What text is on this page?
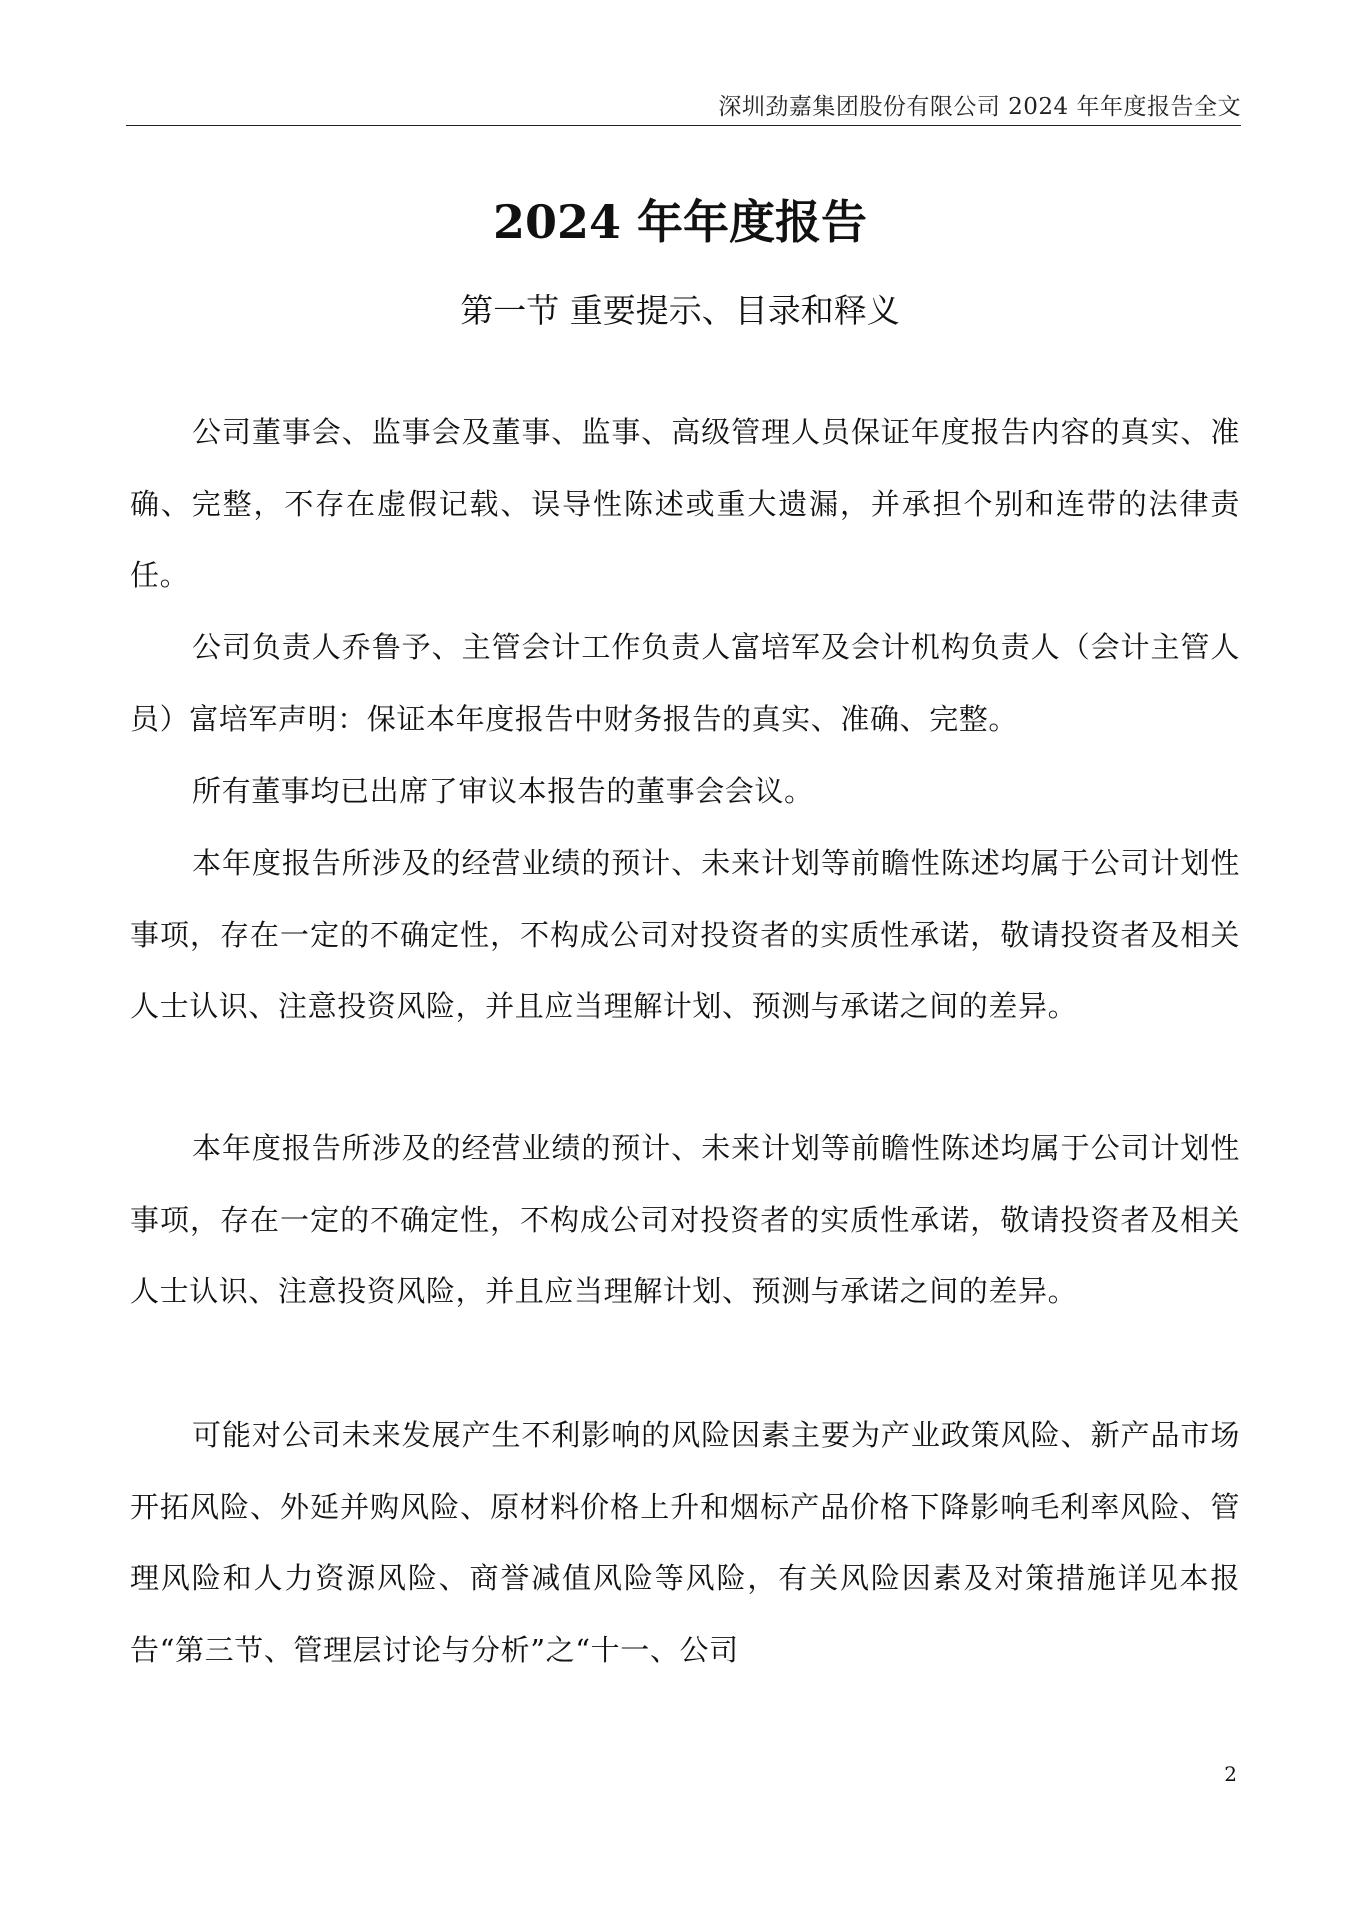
深圳劲嘉集团股份有限公司 2024 年年度报告全文
2024 年年度报告
第一节 重要提示、目录和释义

公司董事会、监事会及董事、监事、高级管理人员保证年度报告内容的真实、准确、完整，不存在虚假记载、误导性陈述或重大遗漏，并承担个别和连带的法律责任。

公司负责人乔鲁予、主管会计工作负责人富培军及会计机构负责人（会计主管人员）富培军声明：保证本年度报告中财务报告的真实、准确、完整。

所有董事均已出席了审议本报告的董事会会议。

本年度报告所涉及的经营业绩的预计、未来计划等前瞻性陈述均属于公司计划性事项，存在一定的不确定性，不构成公司对投资者的实质性承诺，敬请投资者及相关人士认识、注意投资风险，并且应当理解计划、预测与承诺之间的差异。

本年度报告所涉及的经营业绩的预计、未来计划等前瞻性陈述均属于公司计划性事项，存在一定的不确定性，不构成公司对投资者的实质性承诺，敬请投资者及相关人士认识、注意投资风险，并且应当理解计划、预测与承诺之间的差异。

可能对公司未来发展产生不利影响的风险因素主要为产业政策风险、新产品市场开拓风险、外延并购风险、原材料价格上升和烟标产品价格下降影响毛利率风险、管理风险和人力资源风险、商誉减值风险等风险，有关风险因素及对策措施详见本报告“第三节、管理层讨论与分析”之“十一、公司

2
